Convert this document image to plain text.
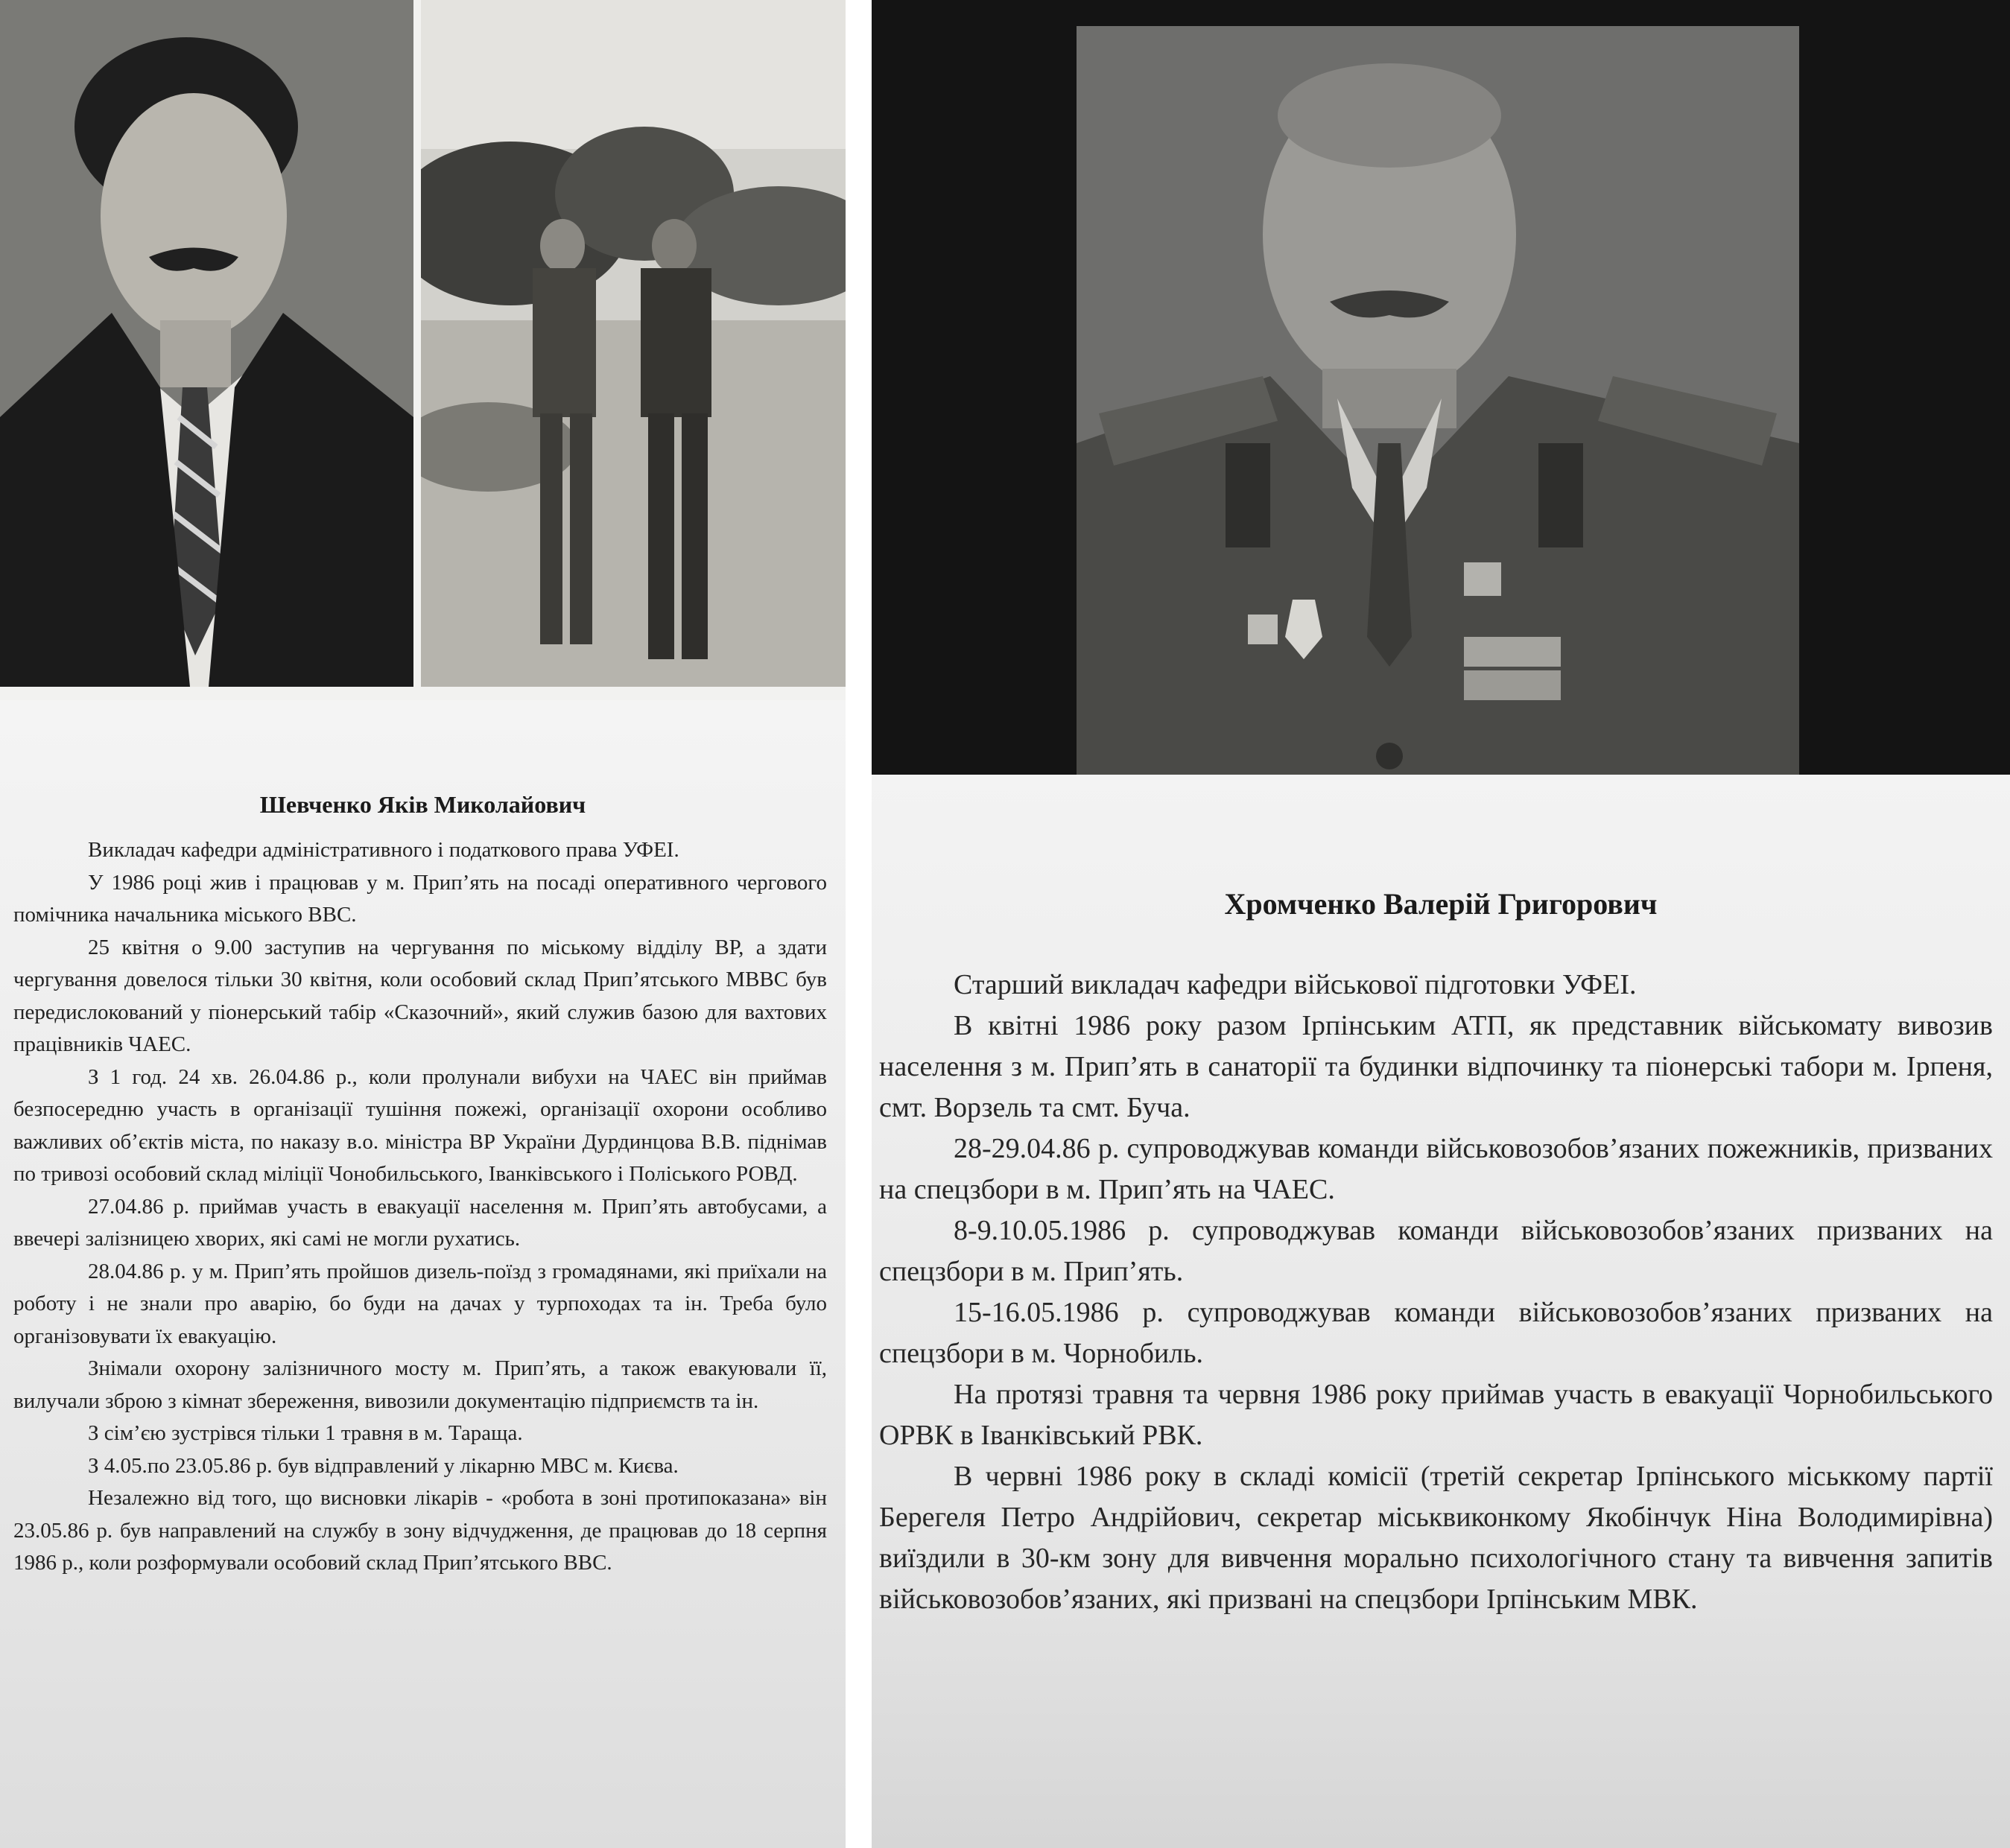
Шевченко Яків Миколайович

Викладач кафедри адміністративного і податкового права УФЕІ.

У 1986 році жив і працював у м. Прип’ять на посаді оперативного чергового помічника начальника міського ВВС.

25 квітня о 9.00 заступив на чергування по міському відділу ВР, а здати чергування довелося тільки 30 квітня, коли особовий склад Прип’ятського МВВС був передислокований у піонерський табір «Сказочний», який служив базою для вахтових працівників ЧАЕС.

З 1 год. 24 хв. 26.04.86 р., коли пролунали вибухи на ЧАЕС він приймав безпосередню участь в організації тушіння пожежі, організації охорони особливо важливих об’єктів міста, по наказу в.о. міністра ВР України Дурдинцова В.В. піднімав по тривозі особовий склад міліції Чонобильського, Іванківського і Поліського РОВД.

27.04.86 р. приймав участь в евакуації населення м. Прип’ять автобусами, а ввечері залізницею хворих, які самі не могли рухатись.

28.04.86 р. у м. Прип’ять пройшов дизель-поїзд з громадянами, які приїхали на роботу і не знали про аварію, бо буди на дачах у турпоходах та ін. Треба було організовувати їх евакуацію.

Знімали охорону залізничного мосту м. Прип’ять, а також евакуювали її, вилучали зброю з кімнат збереження, вивозили документацію підприємств та ін.

З сім’єю зустрівся тільки 1 травня в м. Тараща.

З 4.05.по 23.05.86 р. був відправлений у лікарню МВС м. Києва.

Незалежно від того, що висновки лікарів - «робота в зоні протипоказана» він 23.05.86 р. був направлений на службу в зону відчудження, де працював до 18 серпня 1986 р., коли розформували особовий склад Прип’ятського ВВС.

Хромченко Валерій Григорович

Старший викладач кафедри військової підготовки УФЕІ.

В квітні 1986 року разом Ірпінським АТП, як представник військомату вивозив населення з м. Прип’ять в санаторії та будинки відпочинку та піонерські табори м. Ірпеня, смт. Ворзель та смт. Буча.

28-29.04.86 р. супроводжував команди військовозобов’язаних пожежників, призваних на спецзбори в м. Прип’ять на ЧАЕС.

8-9.10.05.1986 р. супроводжував команди військовозобов’язаних призваних на спецзбори в м. Прип’ять.

15-16.05.1986 р. супроводжував команди військовозобов’язаних призваних на спецзбори в м. Чорнобиль.

На протязі травня та червня 1986 року приймав участь в евакуації Чорнобильського ОРВК в Іванківський РВК.

В червні 1986 року в складі комісії (третій секретар Ірпінського міськкому партії Берегеля Петро Андрійович, секретар міськвиконкому Якобінчук Ніна Володимирівна) виїздили в 30-км зону для вивчення морально психологічного стану та вивчення запитів військовозобов’язаних, які призвані на спецзбори Ірпінським МВК.
